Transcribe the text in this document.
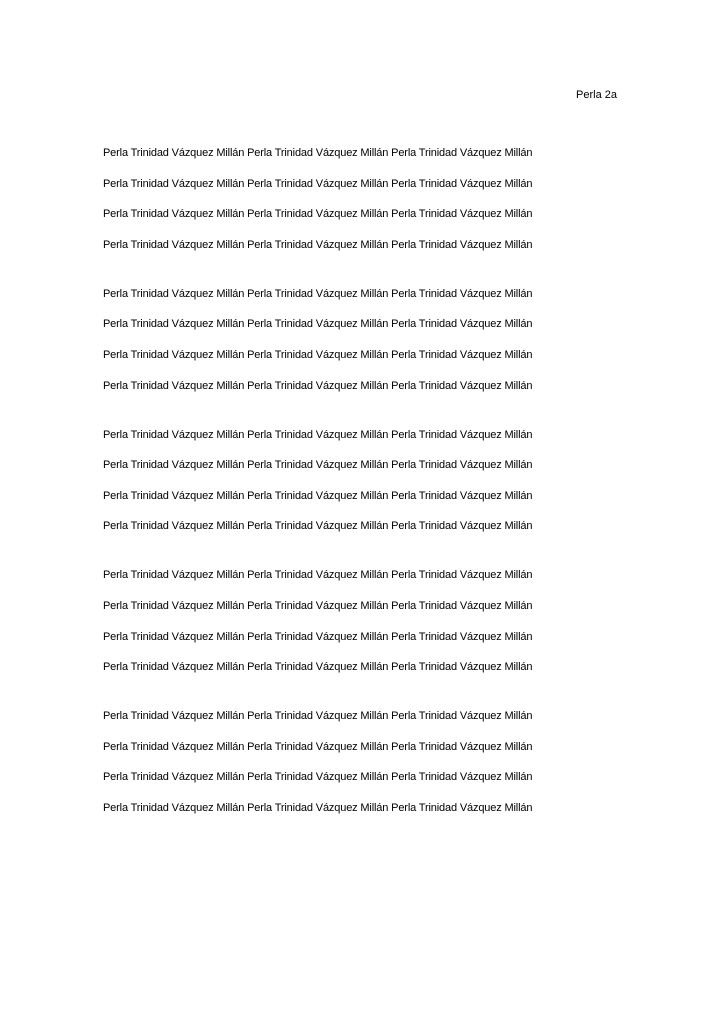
Perla 2a
Perla Trinidad Vázquez Millán Perla Trinidad Vázquez Millán Perla Trinidad Vázquez Millán
Perla Trinidad Vázquez Millán Perla Trinidad Vázquez Millán Perla Trinidad Vázquez Millán
Perla Trinidad Vázquez Millán Perla Trinidad Vázquez Millán Perla Trinidad Vázquez Millán
Perla Trinidad Vázquez Millán Perla Trinidad Vázquez Millán Perla Trinidad Vázquez Millán
Perla Trinidad Vázquez Millán Perla Trinidad Vázquez Millán Perla Trinidad Vázquez Millán
Perla Trinidad Vázquez Millán Perla Trinidad Vázquez Millán Perla Trinidad Vázquez Millán
Perla Trinidad Vázquez Millán Perla Trinidad Vázquez Millán Perla Trinidad Vázquez Millán
Perla Trinidad Vázquez Millán Perla Trinidad Vázquez Millán Perla Trinidad Vázquez Millán
Perla Trinidad Vázquez Millán Perla Trinidad Vázquez Millán Perla Trinidad Vázquez Millán
Perla Trinidad Vázquez Millán Perla Trinidad Vázquez Millán Perla Trinidad Vázquez Millán
Perla Trinidad Vázquez Millán Perla Trinidad Vázquez Millán Perla Trinidad Vázquez Millán
Perla Trinidad Vázquez Millán Perla Trinidad Vázquez Millán Perla Trinidad Vázquez Millán
Perla Trinidad Vázquez Millán Perla Trinidad Vázquez Millán Perla Trinidad Vázquez Millán
Perla Trinidad Vázquez Millán Perla Trinidad Vázquez Millán Perla Trinidad Vázquez Millán
Perla Trinidad Vázquez Millán Perla Trinidad Vázquez Millán Perla Trinidad Vázquez Millán
Perla Trinidad Vázquez Millán Perla Trinidad Vázquez Millán Perla Trinidad Vázquez Millán
Perla Trinidad Vázquez Millán Perla Trinidad Vázquez Millán Perla Trinidad Vázquez Millán
Perla Trinidad Vázquez Millán Perla Trinidad Vázquez Millán Perla Trinidad Vázquez Millán
Perla Trinidad Vázquez Millán Perla Trinidad Vázquez Millán Perla Trinidad Vázquez Millán
Perla Trinidad Vázquez Millán Perla Trinidad Vázquez Millán Perla Trinidad Vázquez Millán
